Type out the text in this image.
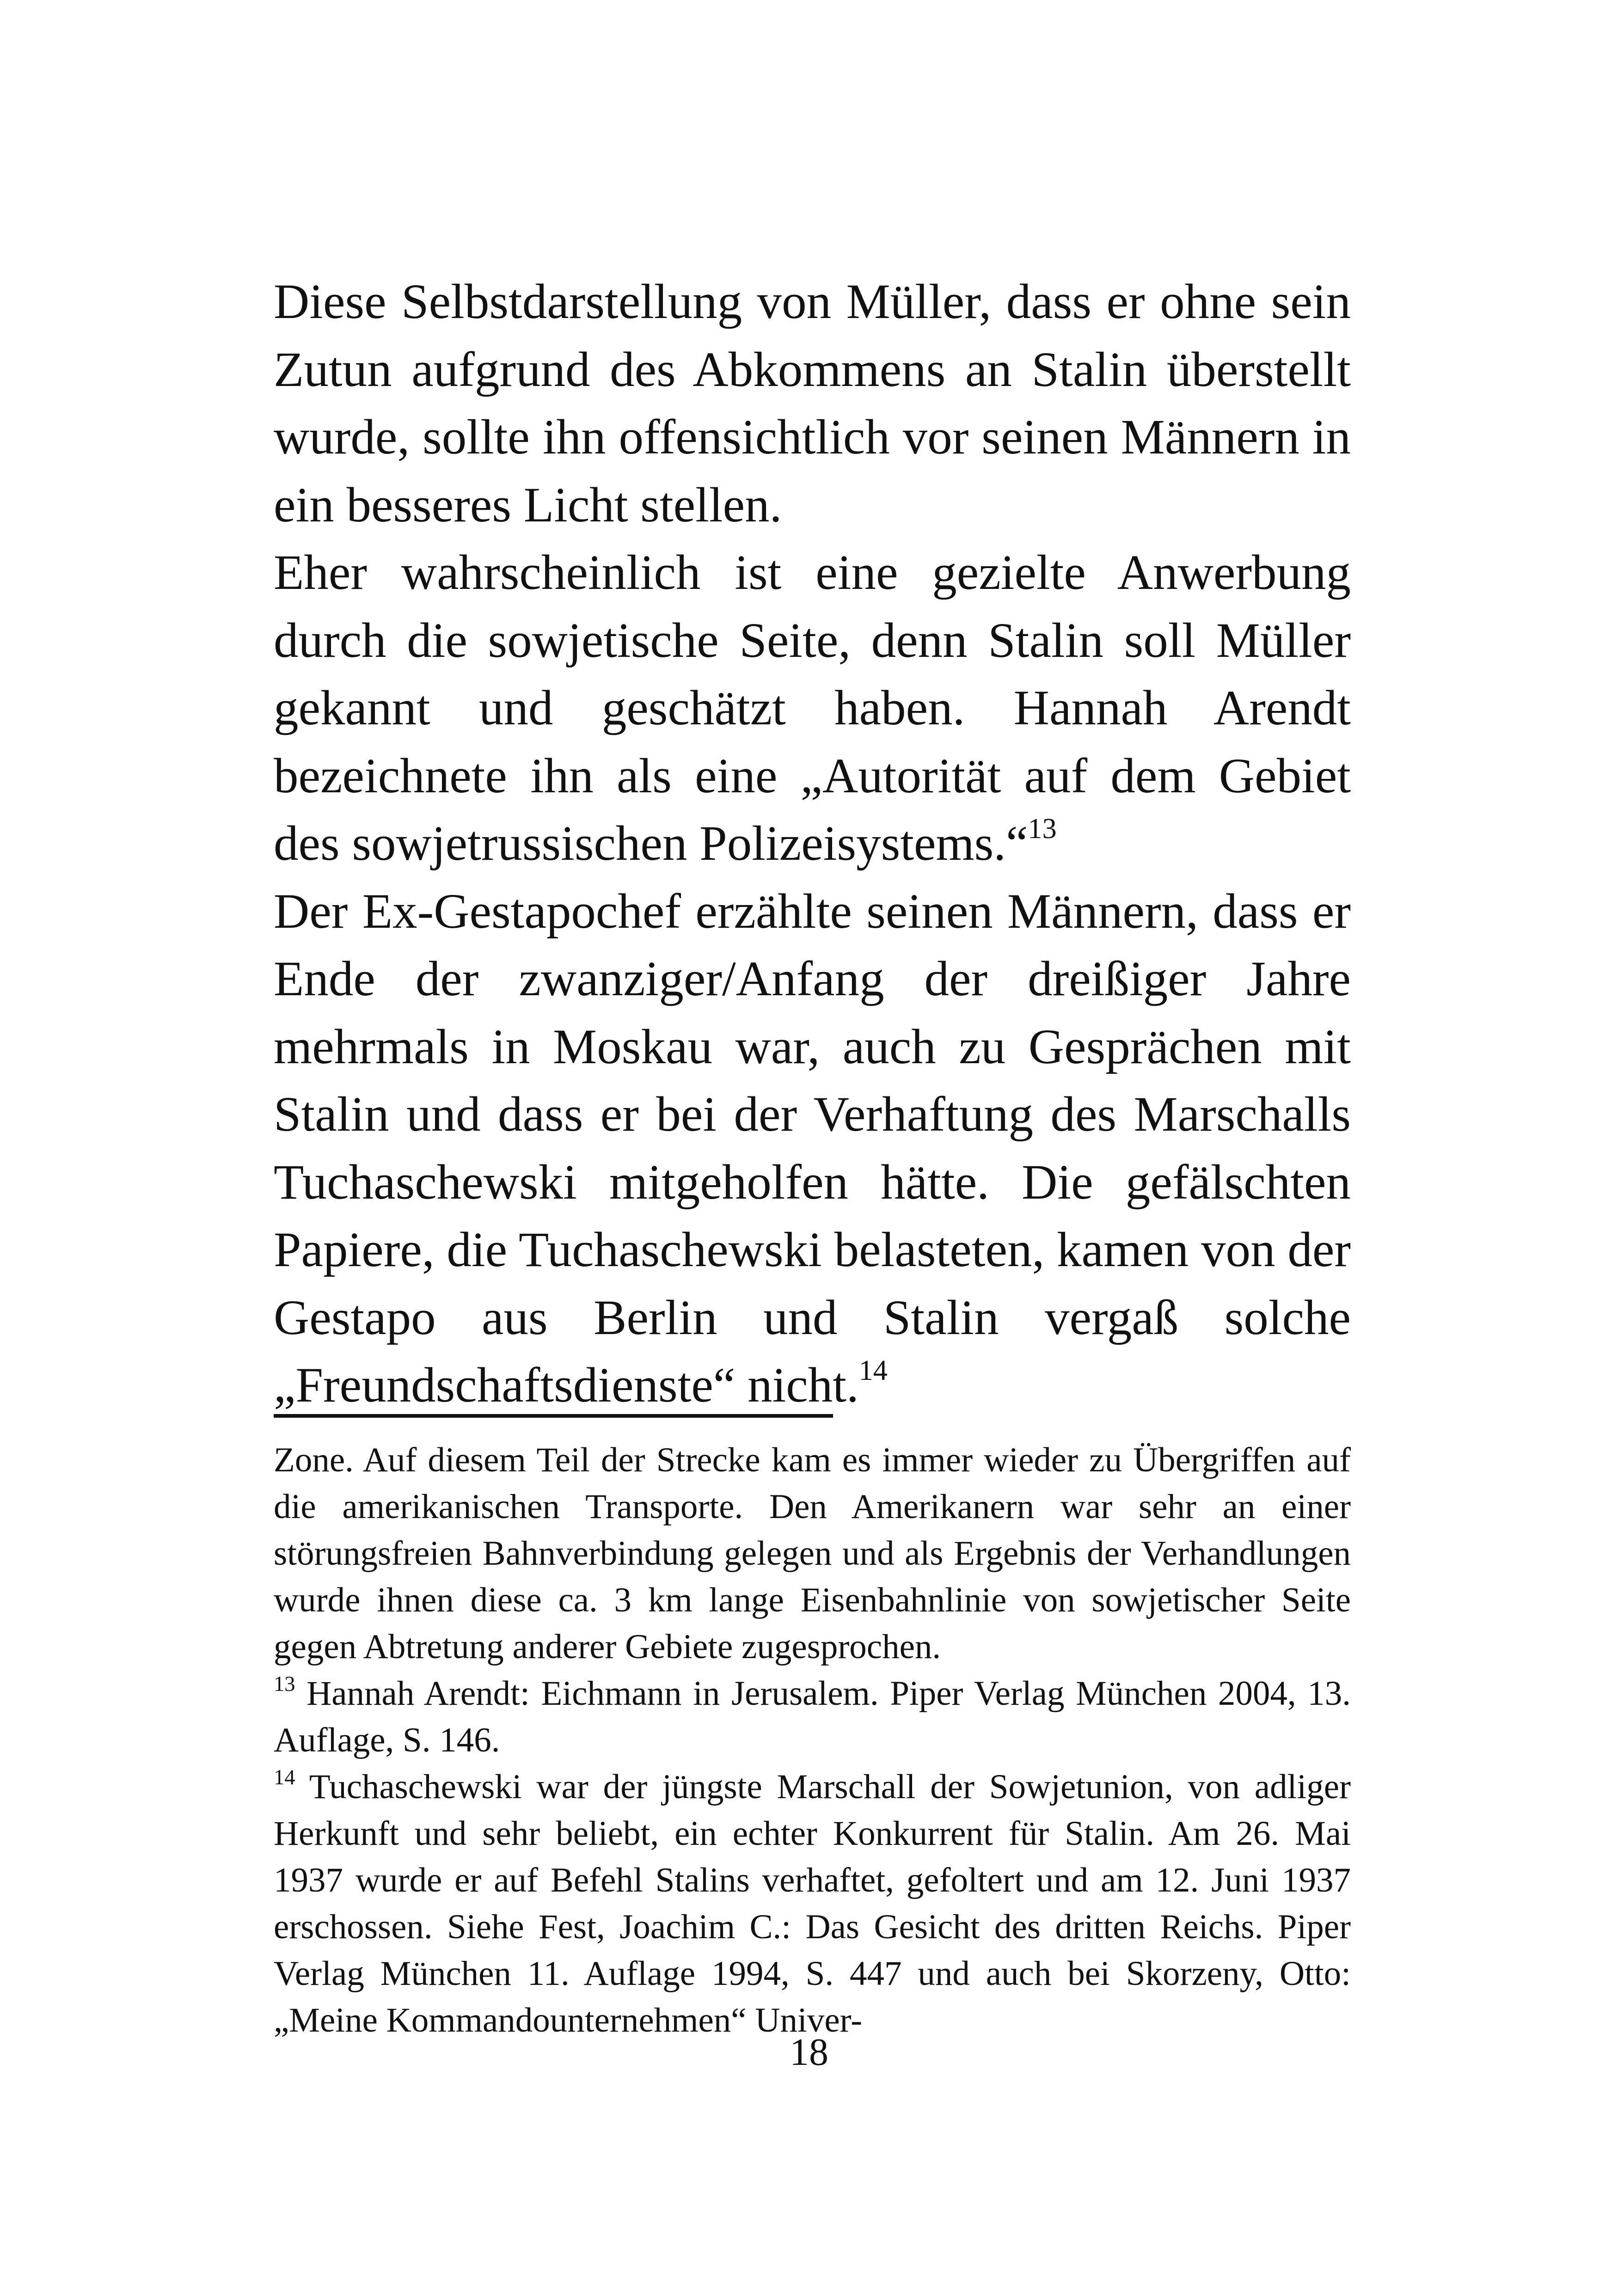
Diese Selbstdarstellung von Müller, dass er ohne sein Zutun aufgrund des Abkommens an Stalin überstellt wurde, sollte ihn offensichtlich vor seinen Männern in ein besseres Licht stellen.

Eher wahrscheinlich ist eine gezielte Anwerbung durch die sowjetische Seite, denn Stalin soll Müller gekannt und geschätzt haben. Hannah Arendt bezeichnete ihn als eine „Autorität auf dem Gebiet des sowjetrussischen Polizeisystems.“$^{13}$

Der Ex-Gestapochef erzählte seinen Männern, dass er Ende der zwanziger/Anfang der dreißiger Jahre mehrmals in Moskau war, auch zu Gesprächen mit Stalin und dass er bei der Verhaftung des Marschalls Tuchaschewski mitgeholfen hätte. Die gefälschten Papiere, die Tuchaschewski belasteten, kamen von der Gestapo aus Berlin und Stalin vergaß solche „Freundschaftsdienste“ nicht.$^{14}$

Zone. Auf diesem Teil der Strecke kam es immer wieder zu Übergriffen auf die amerikanischen Transporte. Den Amerikanern war sehr an einer störungsfreien Bahnverbindung gelegen und als Ergebnis der Verhandlungen wurde ihnen diese ca. 3 km lange Eisenbahnlinie von sowjetischer Seite gegen Abtretung anderer Gebiete zugesprochen.

$^{13}$ Hannah Arendt: Eichmann in Jerusalem. Piper Verlag München 2004, 13. Auflage, S. 146.

$^{14}$ Tuchaschewski war der jüngste Marschall der Sowjetunion, von adliger Herkunft und sehr beliebt, ein echter Konkurrent für Stalin. Am 26. Mai 1937 wurde er auf Befehl Stalins verhaftet, gefoltert und am 12. Juni 1937 erschossen. Siehe Fest, Joachim C.: Das Gesicht des dritten Reichs. Piper Verlag München 11. Auflage 1994, S. 447 und auch bei Skorzeny, Otto: „Meine Kommandounternehmen“ Univer-

18
